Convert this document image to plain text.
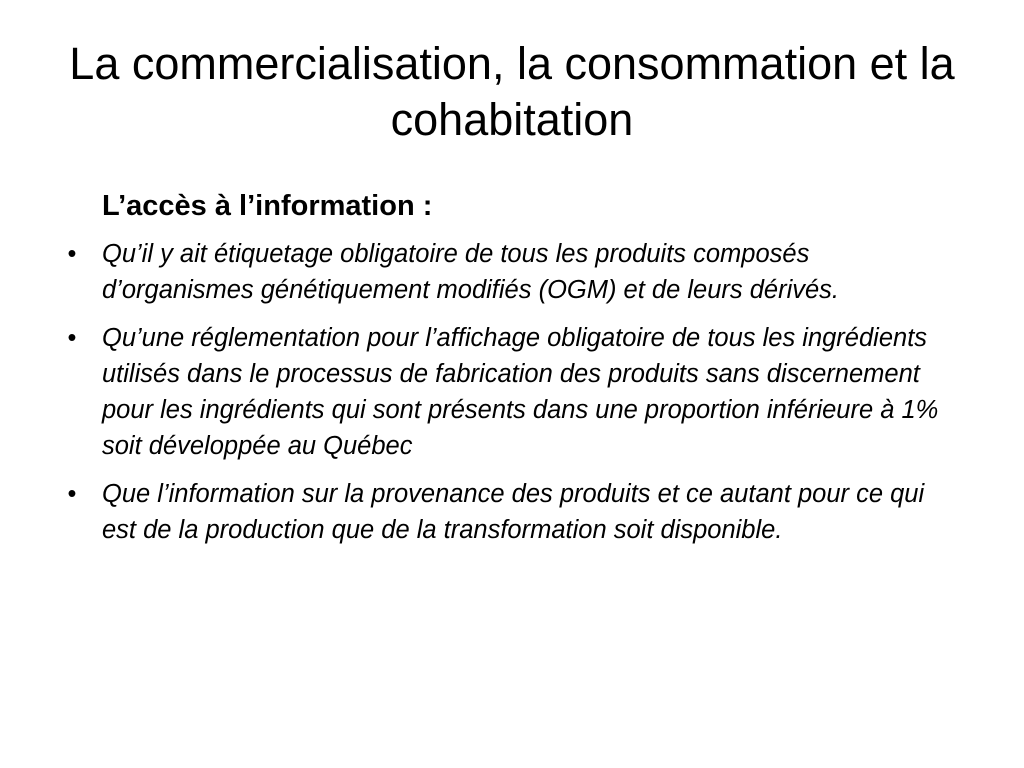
La commercialisation, la consommation et la cohabitation
L’accès à l’information :
• Qu’il y ait étiquetage obligatoire de tous les produits composés d’organismes génétiquement modifiés (OGM) et de leurs dérivés.
• Qu’une réglementation pour l’affichage obligatoire de tous les ingrédients utilisés dans le processus de fabrication des produits sans discernement pour les ingrédients qui sont présents dans une proportion inférieure à 1% soit développée au Québec
• Que l’information sur la provenance des produits et ce autant pour ce qui est de la production que de la transformation soit disponible.
